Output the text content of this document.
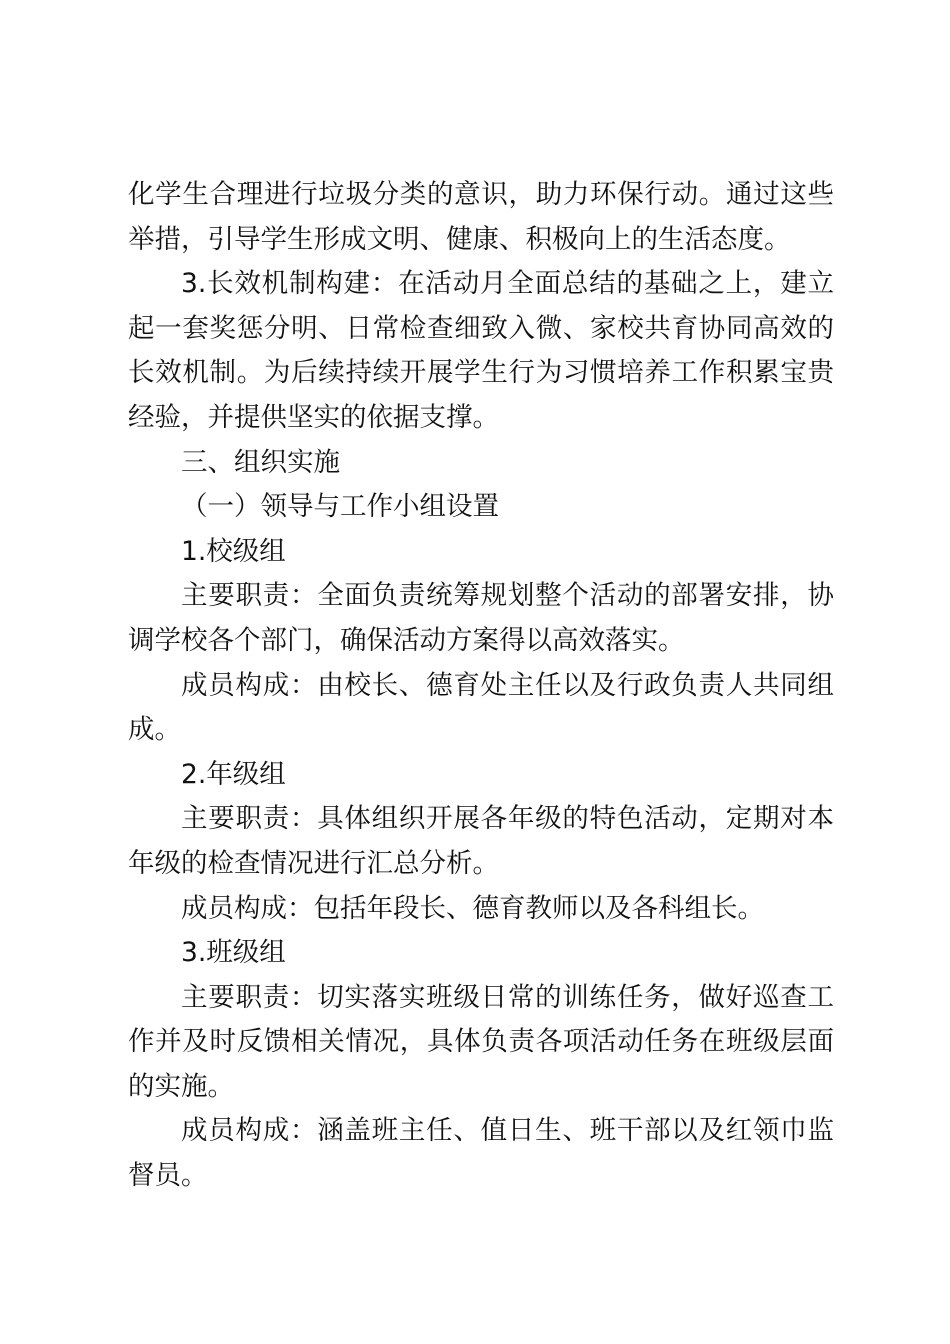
化学生合理进行垃圾分类的意识，助力环保行动。通过这些举措，引导学生形成文明、健康、积极向上的生活态度。

3.长效机制构建：在活动月全面总结的基础之上，建立起一套奖惩分明、日常检查细致入微、家校共育协同高效的长效机制。为后续持续开展学生行为习惯培养工作积累宝贵经验，并提供坚实的依据支撑。

三、组织实施

（一）领导与工作小组设置

1.校级组

主要职责：全面负责统筹规划整个活动的部署安排，协调学校各个部门，确保活动方案得以高效落实。

成员构成：由校长、德育处主任以及行政负责人共同组成。

2.年级组

主要职责：具体组织开展各年级的特色活动，定期对本年级的检查情况进行汇总分析。

成员构成：包括年段长、德育教师以及各科组长。

3.班级组

主要职责：切实落实班级日常的训练任务，做好巡查工作并及时反馈相关情况，具体负责各项活动任务在班级层面的实施。

成员构成：涵盖班主任、值日生、班干部以及红领巾监督员。
